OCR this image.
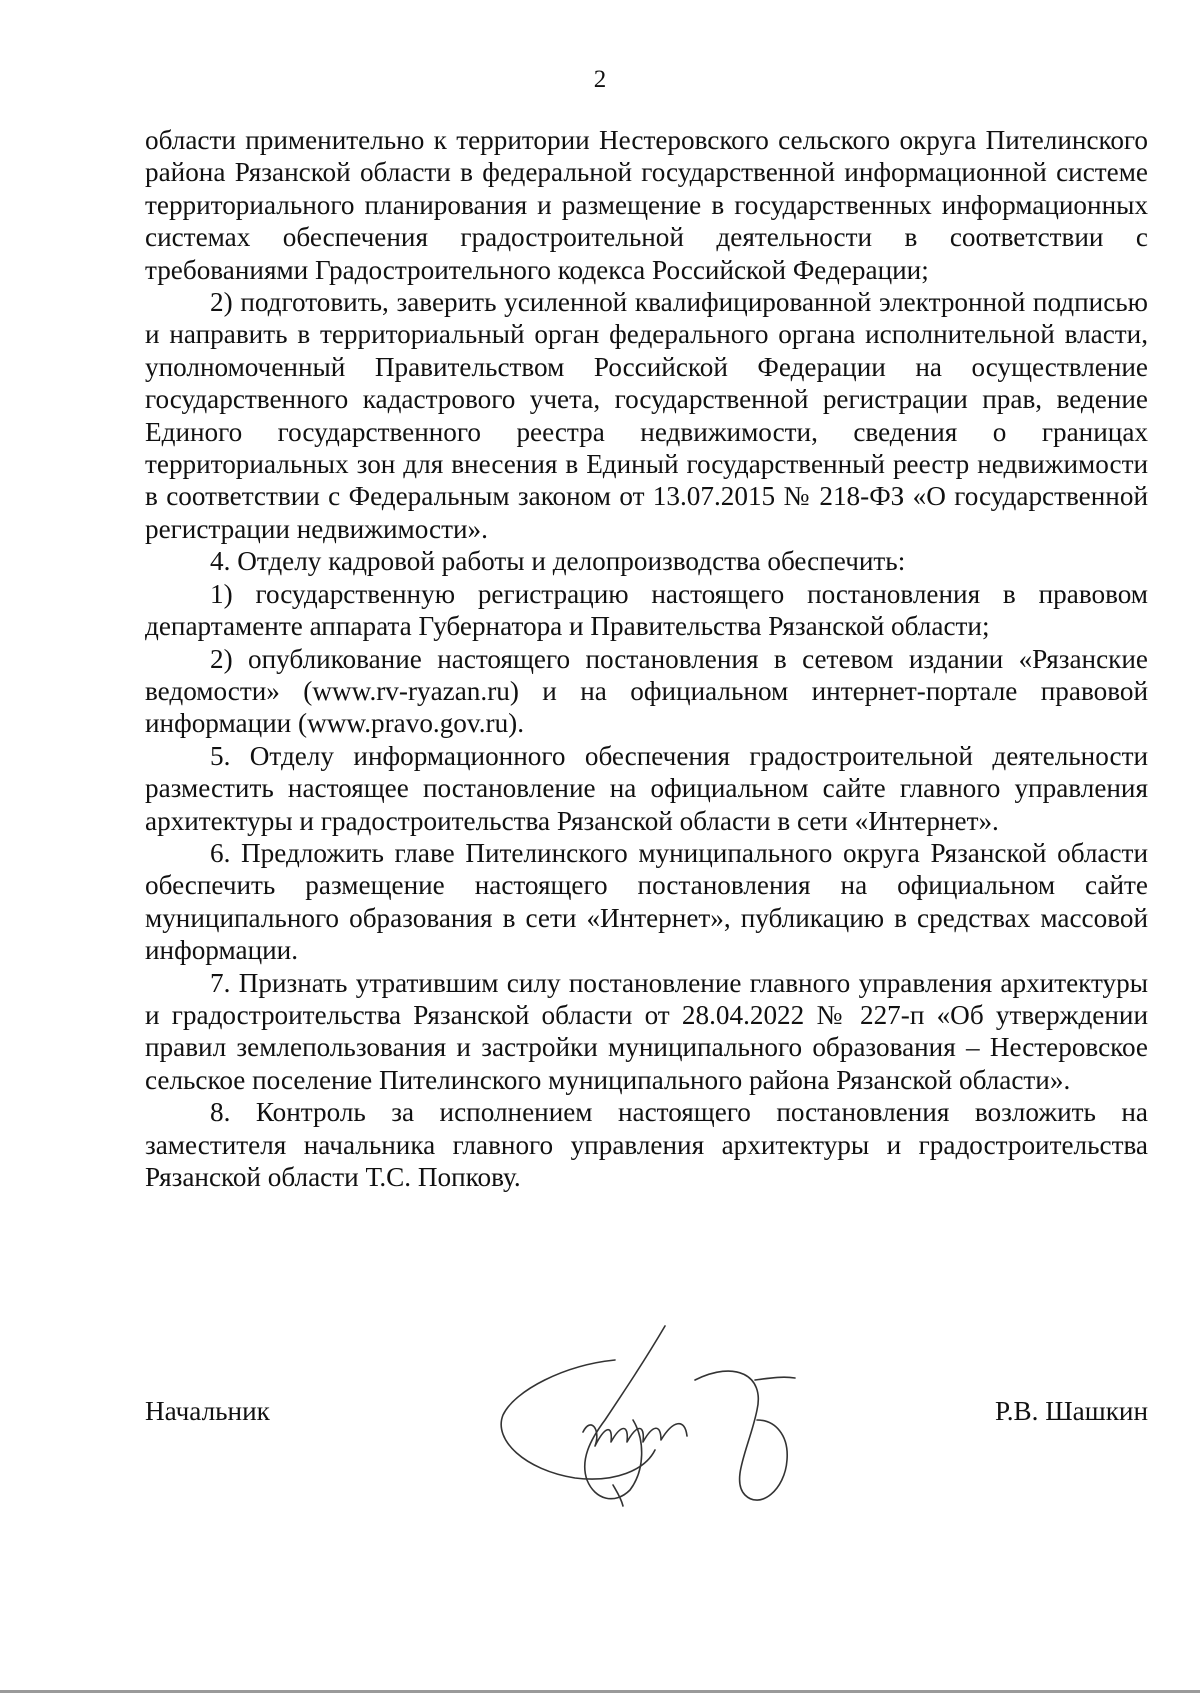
2

области применительно к территории Нестеровского сельского округа Пителинского района Рязанской области в федеральной государственной информационной системе территориального планирования и размещение в государственных информационных системах обеспечения градостроительной деятельности в соответствии с требованиями Градостроительного кодекса Российской Федерации;

2) подготовить, заверить усиленной квалифицированной электронной подписью и направить в территориальный орган федерального органа исполнительной власти, уполномоченный Правительством Российской Федерации на осуществление государственного кадастрового учета, государственной регистрации прав, ведение Единого государственного реестра недвижимости, сведения о границах территориальных зон для внесения в Единый государственный реестр недвижимости в соответствии с Федеральным законом от 13.07.2015 № 218-ФЗ «О государственной регистрации недвижимости».

4. Отделу кадровой работы и делопроизводства обеспечить:

1) государственную регистрацию настоящего постановления в правовом департаменте аппарата Губернатора и Правительства Рязанской области;

2) опубликование настоящего постановления в сетевом издании «Рязанские ведомости» (www.rv-ryazan.ru) и на официальном интернет-портале правовой информации (www.pravo.gov.ru).

5. Отделу информационного обеспечения градостроительной деятельности разместить настоящее постановление на официальном сайте главного управления архитектуры и градостроительства Рязанской области в сети «Интернет».

6. Предложить главе Пителинского муниципального округа Рязанской области обеспечить размещение настоящего постановления на официальном сайте муниципального образования в сети «Интернет», публикацию в средствах массовой информации.

7. Признать утратившим силу постановление главного управления архитектуры и градостроительства Рязанской области от 28.04.2022 № 227-п «Об утверждении правил землепользования и застройки муниципального образования – Нестеровское сельское поселение Пителинского муниципального района Рязанской области».

8. Контроль за исполнением настоящего постановления возложить на заместителя начальника главного управления архитектуры и градостроительства Рязанской области Т.С. Попкову.

Начальник	Р.В. Шашкин
